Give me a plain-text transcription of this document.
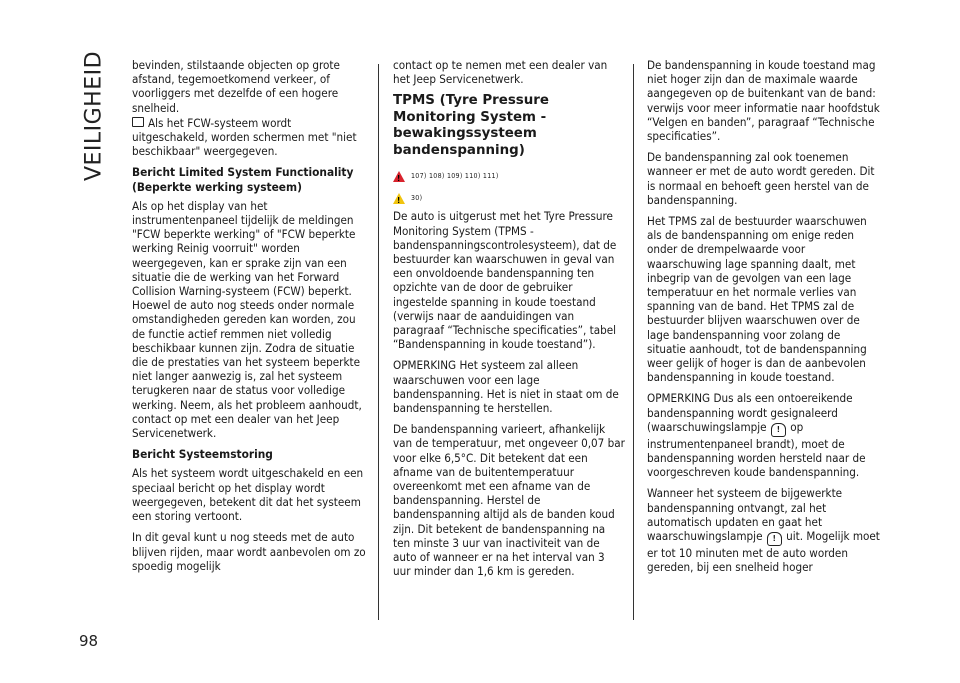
VEILIGHEID
98

bevinden, stilstaande objecten op grote afstand, tegemoetkomend verkeer, of voorliggers met dezelfde of een hogere snelheid.

Als het FCW-systeem wordt uitgeschakeld, worden schermen met "niet beschikbaar" weergegeven.

Bericht Limited System Functionality (Beperkte werking systeem)

Als op het display van het instrumentenpaneel tijdelijk de meldingen "FCW beperkte werking" of "FCW beperkte werking Reinig voorruit" worden weergegeven, kan er sprake zijn van een situatie die de werking van het Forward Collision Warning-systeem (FCW) beperkt. Hoewel de auto nog steeds onder normale omstandigheden gereden kan worden, zou de functie actief remmen niet volledig beschikbaar kunnen zijn. Zodra de situatie die de prestaties van het systeem beperkte niet langer aanwezig is, zal het systeem terugkeren naar de status voor volledige werking. Neem, als het probleem aanhoudt, contact op met een dealer van het Jeep Servicenetwerk.

Bericht Systeemstoring

Als het systeem wordt uitgeschakeld en een speciaal bericht op het display wordt weergegeven, betekent dit dat het systeem een storing vertoont.

In dit geval kunt u nog steeds met de auto blijven rijden, maar wordt aanbevolen om zo spoedig mogelijk

contact op te nemen met een dealer van het Jeep Servicenetwerk.

TPMS (Tyre Pressure Monitoring System - bewakingssysteem bandenspanning)
!
107) 108) 109) 110) 111)
!
30)

De auto is uitgerust met het Tyre Pressure Monitoring System (TPMS - bandenspanningscontrolesysteem), dat de bestuurder kan waarschuwen in geval van een onvoldoende bandenspanning ten opzichte van de door de gebruiker ingestelde spanning in koude toestand (verwijs naar de aanduidingen van paragraaf “Technische specificaties”, tabel “Bandenspanning in koude toestand”).

OPMERKING Het systeem zal alleen waarschuwen voor een lage bandenspanning. Het is niet in staat om de bandenspanning te herstellen.

De bandenspanning varieert, afhankelijk van de temperatuur, met ongeveer 0,07 bar voor elke 6,5°C. Dit betekent dat een afname van de buitentemperatuur overeenkomt met een afname van de bandenspanning. Herstel de bandenspanning altijd als de banden koud zijn. Dit betekent de bandenspanning na ten minste 3 uur van inactiviteit van de auto of wanneer er na het interval van 3 uur minder dan 1,6 km is gereden.

De bandenspanning in koude toestand mag niet hoger zijn dan de maximale waarde aangegeven op de buitenkant van de band: verwijs voor meer informatie naar hoofdstuk “Velgen en banden”, paragraaf “Technische specificaties”.

De bandenspanning zal ook toenemen wanneer er met de auto wordt gereden. Dit is normaal en behoeft geen herstel van de bandenspanning.

Het TPMS zal de bestuurder waarschuwen als de bandenspanning om enige reden onder de drempelwaarde voor waarschuwing lage spanning daalt, met inbegrip van de gevolgen van een lage temperatuur en het normale verlies van spanning van de band. Het TPMS zal de bestuurder blijven waarschuwen over de lage bandenspanning voor zolang de situatie aanhoudt, tot de bandenspanning weer gelijk of hoger is dan de aanbevolen bandenspanning in koude toestand.

OPMERKING Dus als een ontoereikende bandenspanning wordt gesignaleerd (waarschuwingslampje ! op instrumentenpaneel brandt), moet de bandenspanning worden hersteld naar de voorgeschreven koude bandenspanning.

Wanneer het systeem de bijgewerkte bandenspanning ontvangt, zal het automatisch updaten en gaat het waarschuwingslampje ! uit. Mogelijk moet er tot 10 minuten met de auto worden gereden, bij een snelheid hoger
